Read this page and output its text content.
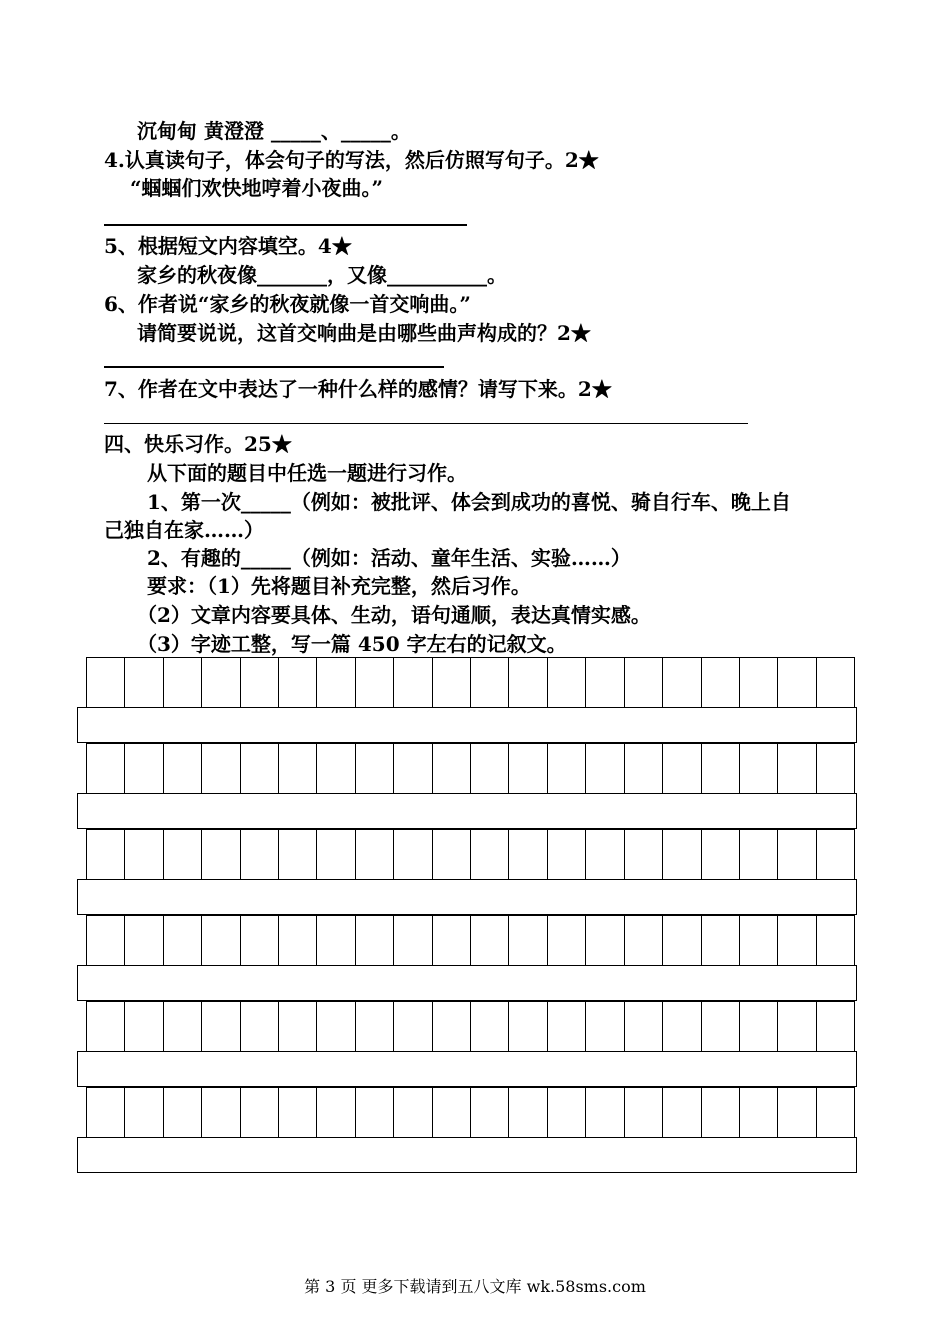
沉甸甸 黄澄澄 _____、_____。
4.认真读句子，体会句子的写法，然后仿照写句子。2★
“蝈蝈们欢快地哼着小夜曲。”
5、根据短文内容填空。4★
家乡的秋夜像_______，又像__________。
6、作者说“家乡的秋夜就像一首交响曲。”
请简要说说，这首交响曲是由哪些曲声构成的？2★
7、作者在文中表达了一种什么样的感情？请写下来。2★
四、快乐习作。25★
从下面的题目中任选一题进行习作。
1、第一次_____（例如：被批评、体会到成功的喜悦、骑自行车、晚上自
己独自在家……）
2、有趣的_____（例如：活动、童年生活、实验……）
要求：（1）先将题目补充完整，然后习作。
（2）文章内容要具体、生动，语句通顺，表达真情实感。
（3）字迹工整，写一篇 450 字左右的记叙文。
第 3 页 更多下载请到五八文库 wk.58sms.com
